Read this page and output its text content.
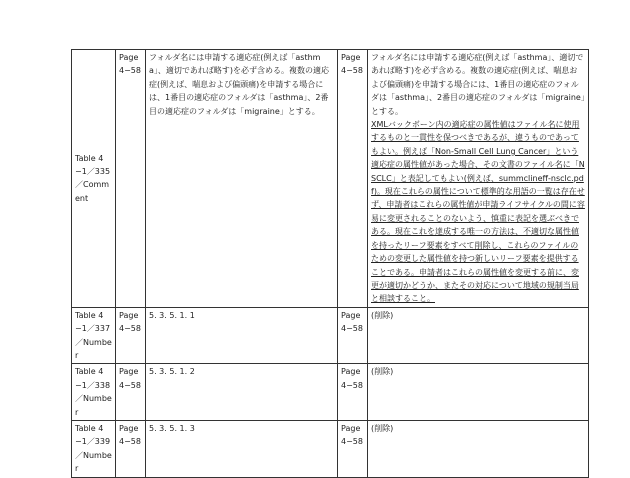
Table 4−1／335／Comment	Page 4−58	フォルダ名には申請する適応症(例えば「asthma」、適切であれば略す)を必ず含める。複数の適応症(例えば、喘息および偏頭痛)を申請する場合には、1番目の適応症のフォルダは「asthma」、2番目の適応症のフォルダは「migraine」とする。	Page 4−58	フォルダ名には申請する適応症(例えば「asthma」、適切であれば略す)を必ず含める。複数の適応症(例えば、喘息および偏頭痛)を申請する場合には、1番目の適応症のフォルダは「asthma」、2番目の適応症のフォルダは「migraine」とする。
XMLバックボーン内の適応症の属性値はファイル名に使用するものと一貫性を保つべきであるが、違うものであってもよい。例えば「Non-Small Cell Lung Cancer」という適応症の属性値があった場合、その文書のファイル名に「NSCLC」と表記してもよい(例えば、summclineff-nsclc.pdf)。現在これらの属性について標準的な用語の一覧は存在せず、申請者はこれらの属性値が申請ライフサイクルの間に容易に変更されることのないよう、慎重に表記を選ぶべきである。現在これを達成する唯一の方法は、不適切な属性値を持ったリーフ要素をすべて削除し、これらのファイルのための変更した属性値を持つ新しいリーフ要素を提供することである。申請者はこれらの属性値を変更する前に、変更が適切かどうか、またその対応について地域の規制当局と相談すること。

Table 4−1／337／Number	Page 4−58	5. 3. 5. 1. 1	Page 4−58	(削除)
Table 4−1／338／Number	Page 4−58	5. 3. 5. 1. 2	Page 4−58	(削除)
Table 4−1／339／Number	Page 4−58	5. 3. 5. 1. 3	Page 4−58	(削除)
